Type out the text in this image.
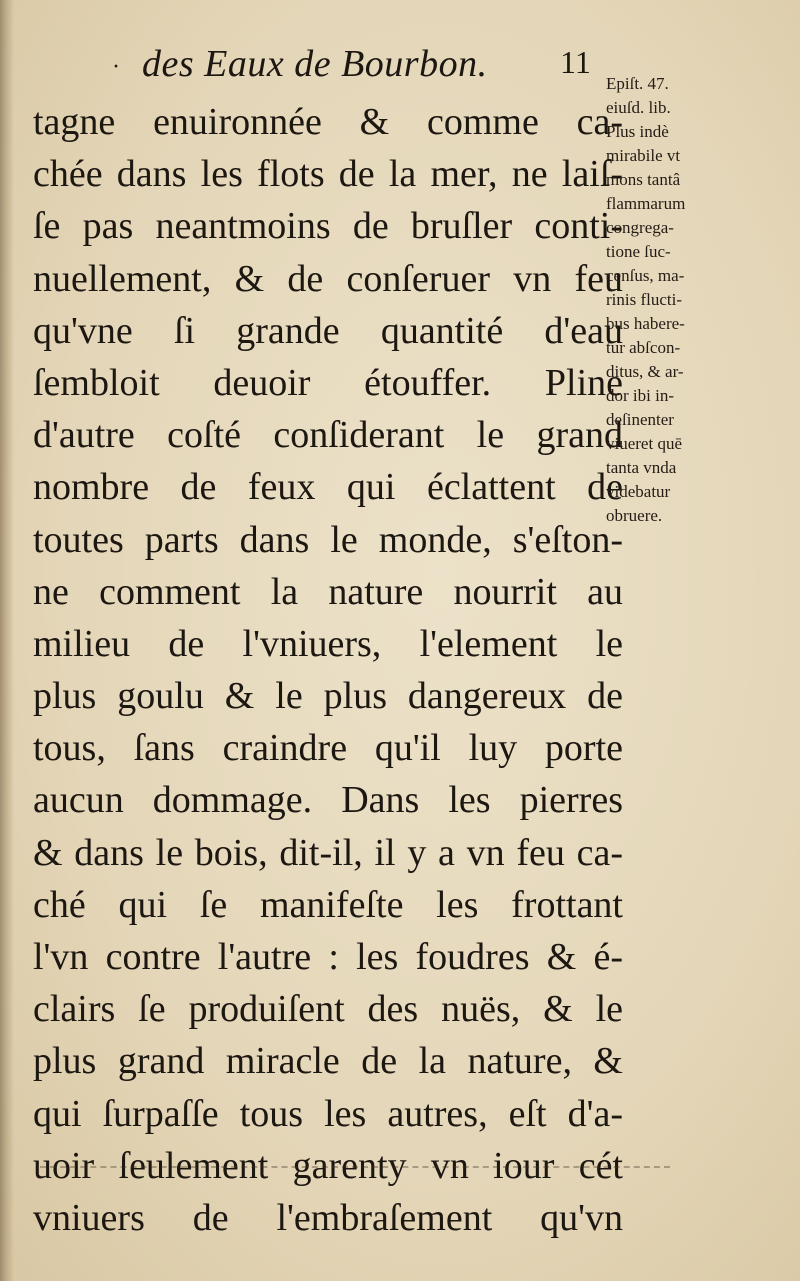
· des Eaux de Bourbon. 11
tagne enuironnée & comme ca-
chée dans les flots de la mer, ne laiſ-
ſe pas neantmoins de bruſler conti-
nuellement, & de conſeruer vn feu
qu'vne ſi grande quantité d'eau
ſembloit deuoir étouffer. Pline
d'autre coſté conſiderant le grand
nombre de feux qui éclattent de
toutes parts dans le monde, s'eſton-
ne comment la nature nourrit au
milieu de l'vniuers, l'element le
plus goulu & le plus dangereux de
tous, ſans craindre qu'il luy porte
aucun dommage. Dans les pierres
& dans le bois, dit-il, il y a vn feu ca-
ché qui ſe manifeſte les frottant
l'vn contre l'autre : les foudres & é-
clairs ſe produiſent des nuës, & le
plus grand miracle de la nature, &
qui ſurpaſſe tous les autres, eſt d'a-
uoir ſeulement garenty vn iour cét
vniuers de l'embraſement qu'vn
Epiſt. 47.
eiuſd. lib.
Plus indè
mirabile vt
mons tantâ
flammarum
congrega-
tione ſuc-
cenſus, ma-
rinis flucti-
bus habere-
tur abſcon-
ditus, & ar-
dor ibi in-
deſinenter
viueret quē
tanta vnda
videbatur
obruere.
